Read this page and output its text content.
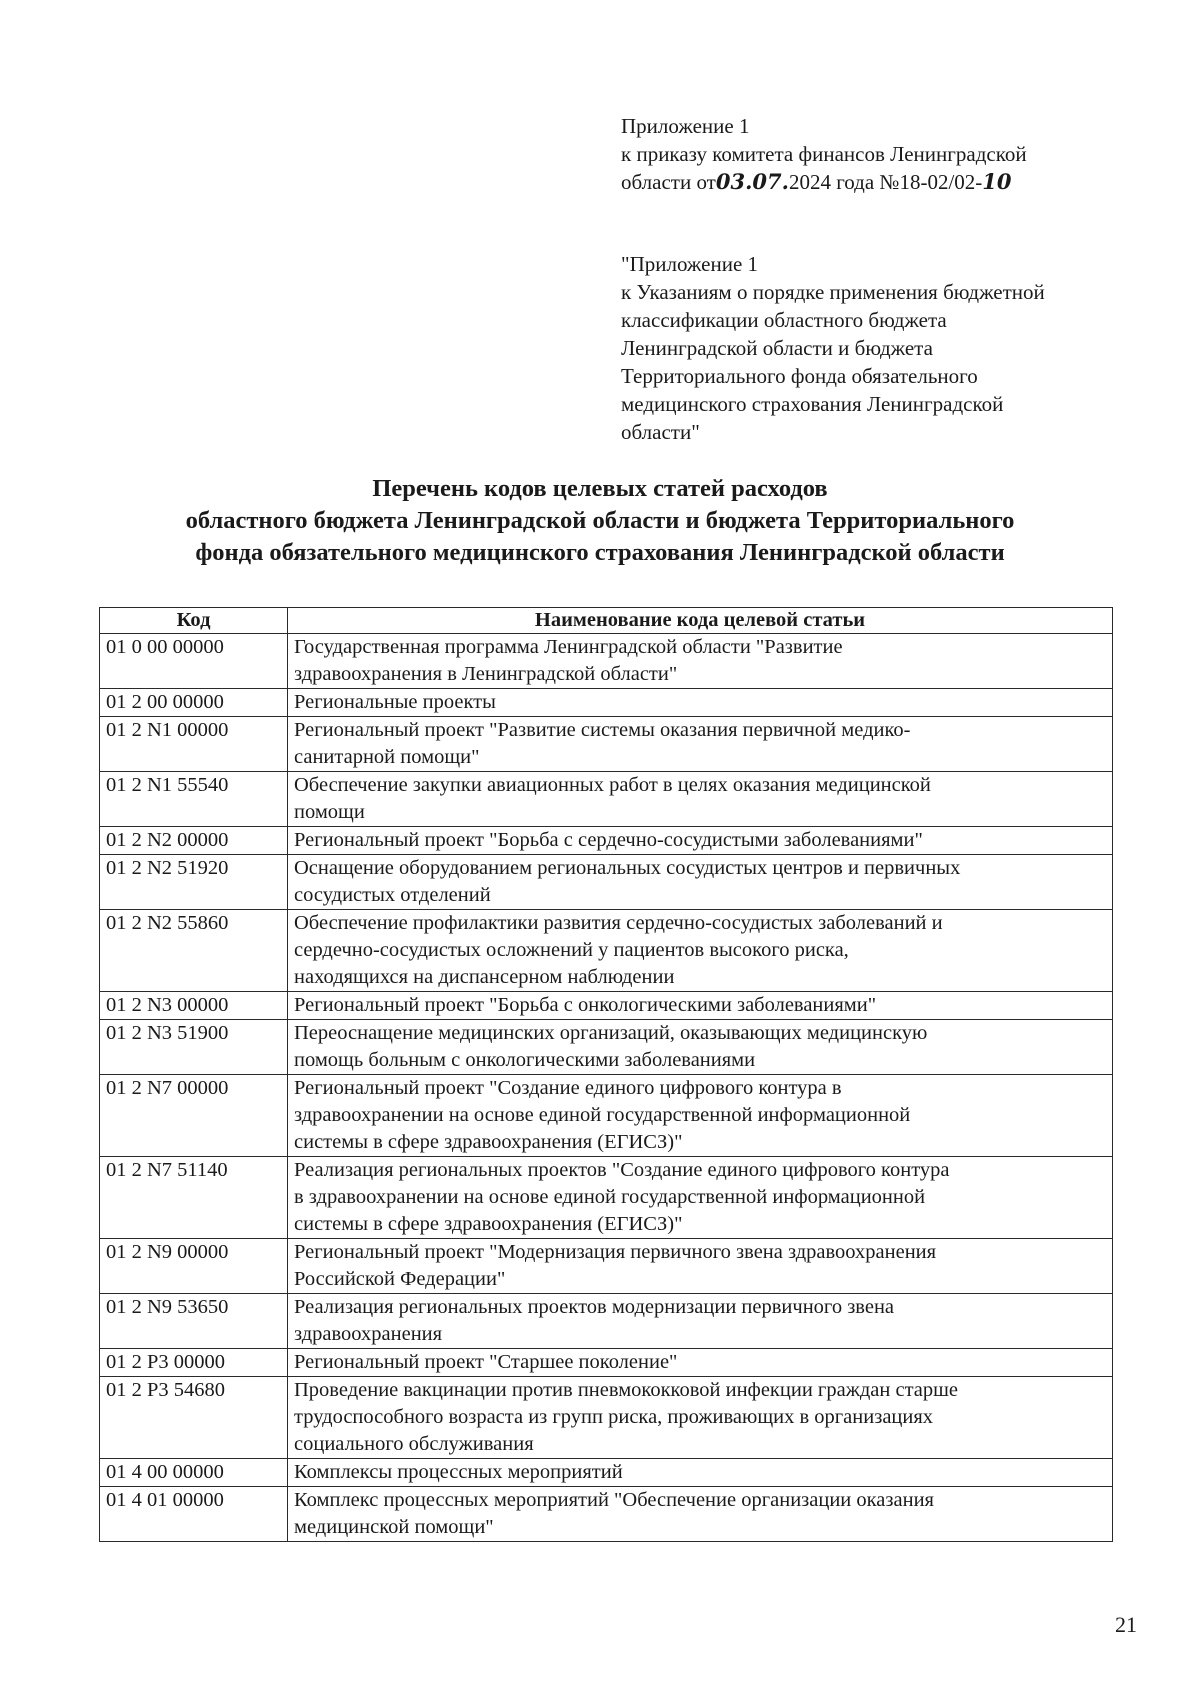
Приложение 1
к приказу комитета финансов Ленинградской
области от03.07.2024 года №18-02/02-10
"Приложение 1
к Указаниям о порядке применения бюджетной
классификации областного бюджета
Ленинградской области и бюджета
Территориального фонда обязательного
медицинского страхования Ленинградской
области"
Перечень кодов целевых статей расходов
областного бюджета Ленинградской области и бюджета Территориального
фонда обязательного медицинского страхования Ленинградской области
Код	Наименование кода целевой статьи
01 0 00 00000	Государственная программа Ленинградской области "Развитие
здравоохранения в Ленинградской области"

01 2 00 00000	Региональные проекты

01 2 N1 00000	Региональный проект "Развитие системы оказания первичной медико-
санитарной помощи"

01 2 N1 55540	Обеспечение закупки авиационных работ в целях оказания медицинской
помощи

01 2 N2 00000	Региональный проект "Борьба с сердечно-сосудистыми заболеваниями"

01 2 N2 51920	Оснащение оборудованием региональных сосудистых центров и первичных
сосудистых отделений

01 2 N2 55860	Обеспечение профилактики развития сердечно-сосудистых заболеваний и
сердечно-сосудистых осложнений у пациентов высокого риска,
находящихся на диспансерном наблюдении

01 2 N3 00000	Региональный проект "Борьба с онкологическими заболеваниями"

01 2 N3 51900	Переоснащение медицинских организаций, оказывающих медицинскую
помощь больным с онкологическими заболеваниями

01 2 N7 00000	Региональный проект "Создание единого цифрового контура в
здравоохранении на основе единой государственной информационной
системы в сфере здравоохранения (ЕГИСЗ)"

01 2 N7 51140	Реализация региональных проектов "Создание единого цифрового контура
в здравоохранении на основе единой государственной информационной
системы в сфере здравоохранения (ЕГИСЗ)"

01 2 N9 00000	Региональный проект "Модернизация первичного звена здравоохранения
Российской Федерации"

01 2 N9 53650	Реализация региональных проектов модернизации первичного звена
здравоохранения

01 2 P3 00000	Региональный проект "Старшее поколение"

01 2 P3 54680	Проведение вакцинации против пневмококковой инфекции граждан старше
трудоспособного возраста из групп риска, проживающих в организациях
социального обслуживания

01 4 00 00000	Комплексы процессных мероприятий

01 4 01 00000	Комплекс процессных мероприятий "Обеспечение организации оказания
медицинской помощи"
21
